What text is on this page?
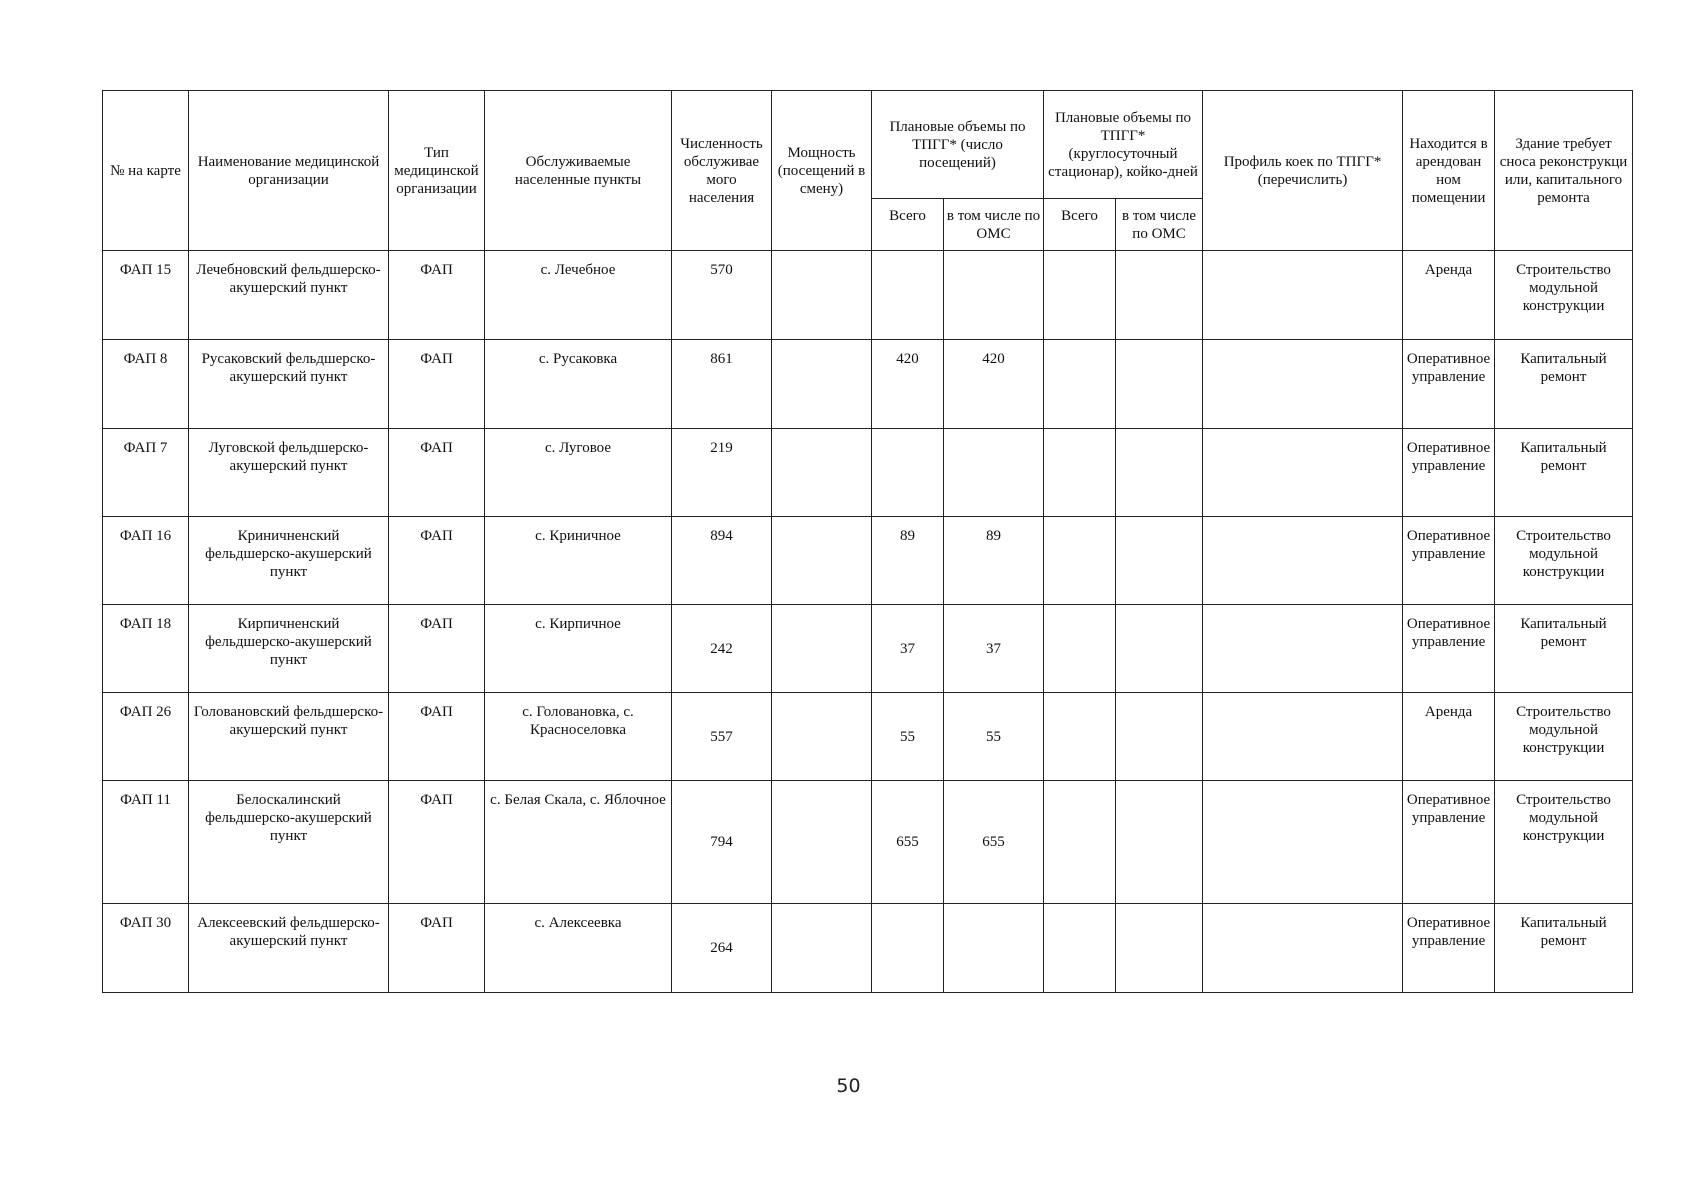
№ на карте	Наименование медицинской организации	Тип медицинской организации	Обслуживаемые населенные пункты	Численность обслуживае мого населения	Мощность (посещений в смену)	Плановые объемы по ТПГГ* (число посещений)		Плановые объемы по ТПГГ* (круглосуточный стационар), койко-дней		Профиль коек по ТПГГ* (перечислить)	Находится в арендован ном помещении	Здание требует сноса реконструкци или, капитального ремонта
						Всего	в том числе по ОМС	Всего	в том числе по ОМС			
ФАП 15	Лечебновский фельдшерско-акушерский пункт	ФАП	с. Лечебное	570							Аренда	Строительство модульной конструкции
ФАП 8	Русаковский фельдшерско-акушерский пункт	ФАП	с. Русаковка	861		420	420				Оперативное управление	Капитальный ремонт
ФАП 7	Луговской фельдшерско-акушерский пункт	ФАП	с. Луговое	219							Оперативное управление	Капитальный ремонт
ФАП 16	Криничненский фельдшерско-акушерский пункт	ФАП	с. Криничное	894		89	89				Оперативное управление	Строительство модульной конструкции
ФАП 18	Кирпичненский фельдшерско-акушерский пункт	ФАП	с. Кирпичное	242		37	37				Оперативное управление	Капитальный ремонт
ФАП 26	Голованoвский фельдшерско-акушерский пункт	ФАП	с. Голованoвка, с. Красноселовка	557		55	55				Аренда	Строительство модульной конструкции
ФАП 11	Белоскалинский фельдшерско-акушерский пункт	ФАП	с. Белая Скала, с. Яблочное	794		655	655				Оперативное управление	Строительство модульной конструкции
ФАП 30	Алексеевский фельдшерско-акушерский пункт	ФАП	с. Алексеевка	264							Оперативное управление	Капитальный ремонт
50
